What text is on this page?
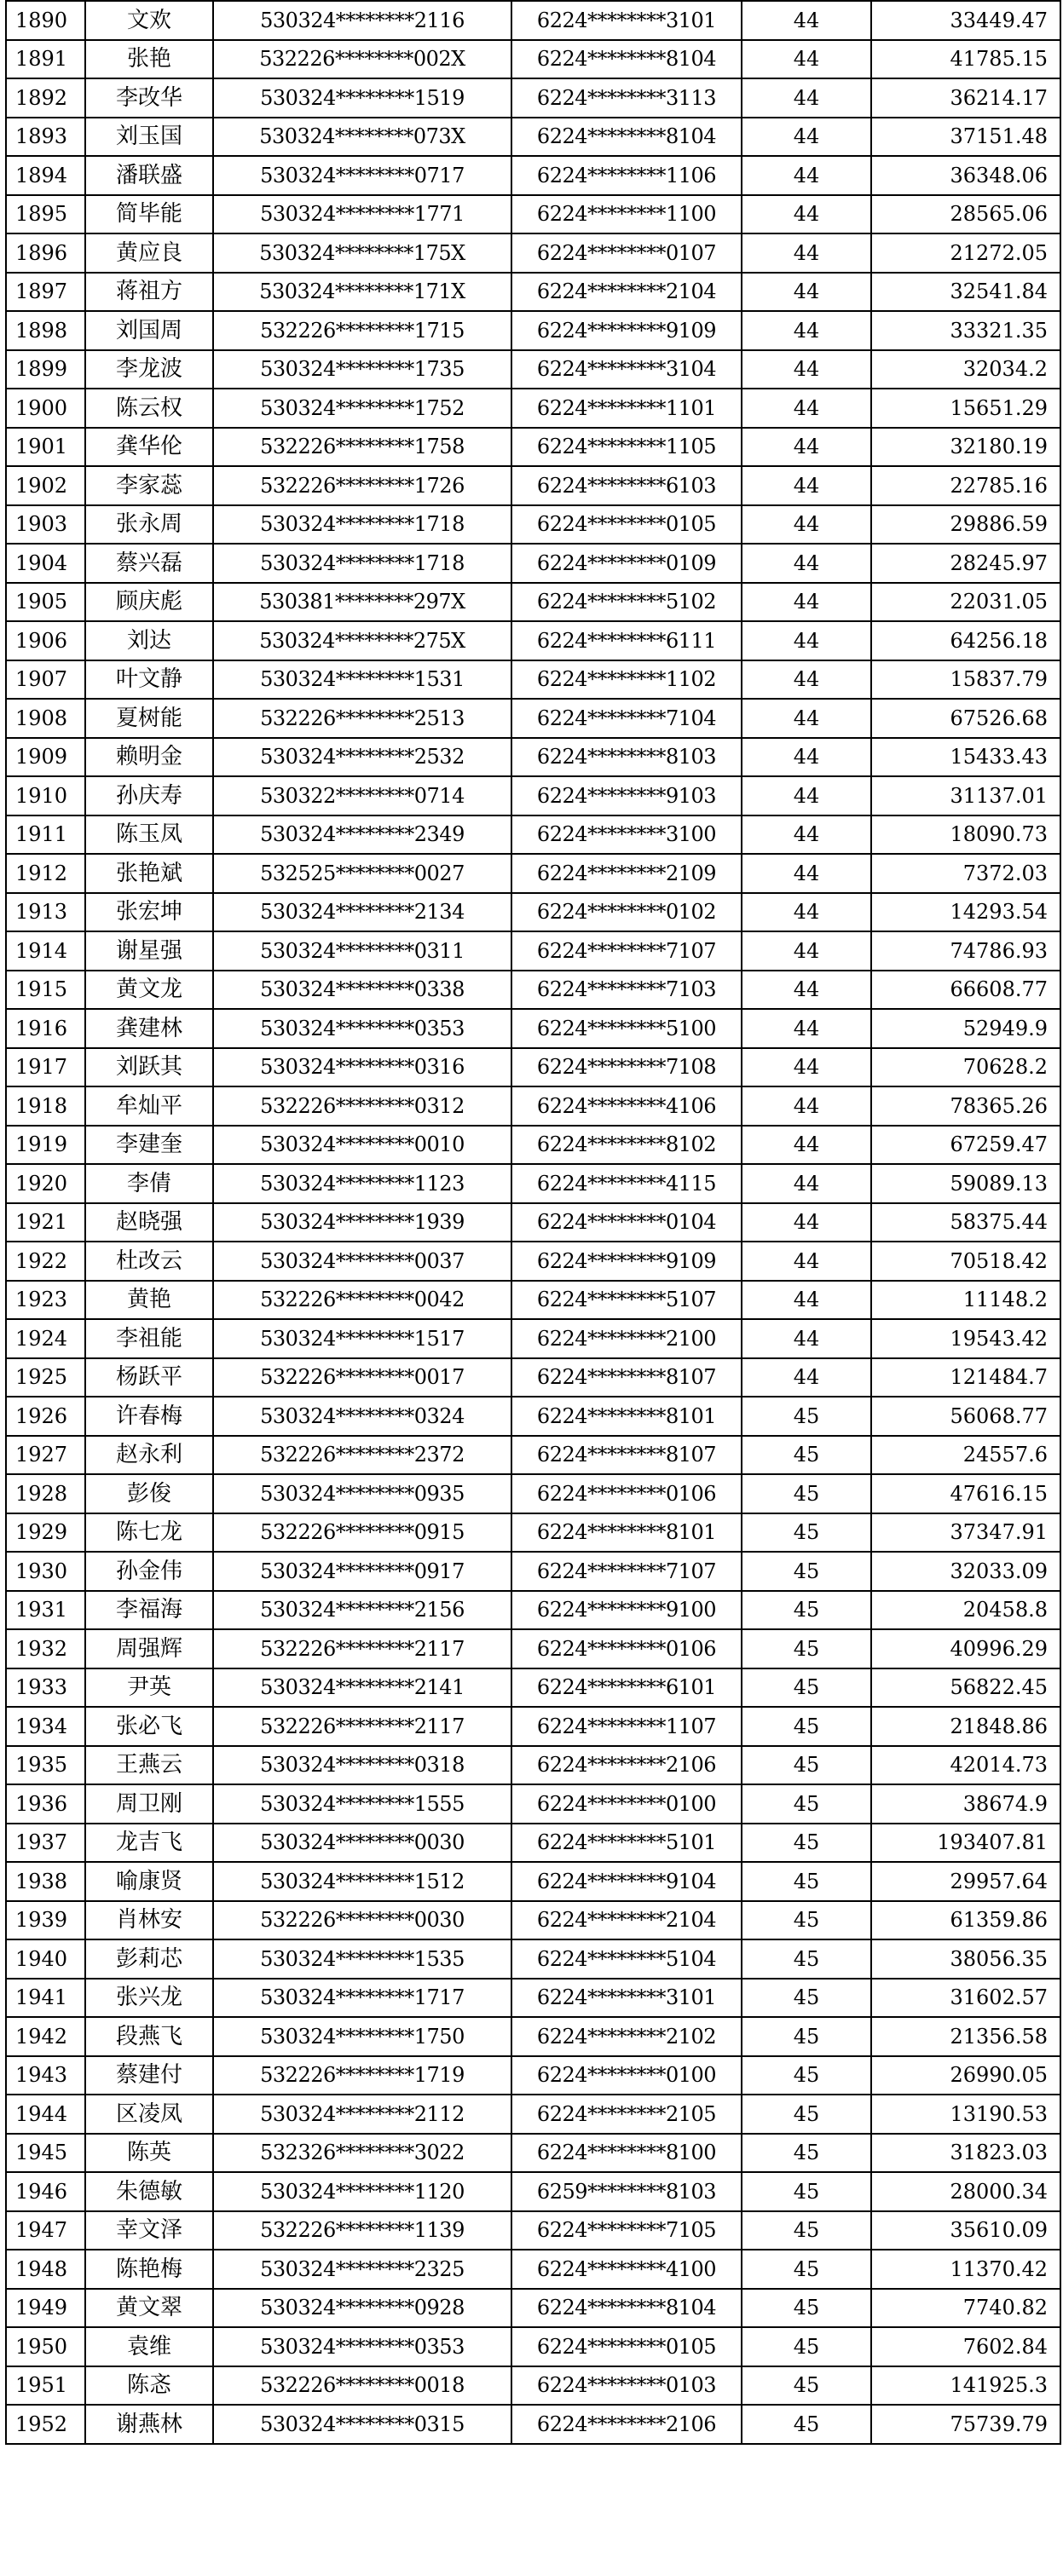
1890	文欢	530324********2116	6224********3101	44	33449.47
1891	张艳	532226********002X	6224********8104	44	41785.15
1892	李改华	530324********1519	6224********3113	44	36214.17
1893	刘玉国	530324********073X	6224********8104	44	37151.48
1894	潘联盛	530324********0717	6224********1106	44	36348.06
1895	简毕能	530324********1771	6224********1100	44	28565.06
1896	黄应良	530324********175X	6224********0107	44	21272.05
1897	蒋祖方	530324********171X	6224********2104	44	32541.84
1898	刘国周	532226********1715	6224********9109	44	33321.35
1899	李龙波	530324********1735	6224********3104	44	32034.2
1900	陈云权	530324********1752	6224********1101	44	15651.29
1901	龚华伦	532226********1758	6224********1105	44	32180.19
1902	李家蕊	532226********1726	6224********6103	44	22785.16
1903	张永周	530324********1718	6224********0105	44	29886.59
1904	蔡兴磊	530324********1718	6224********0109	44	28245.97
1905	顾庆彪	530381********297X	6224********5102	44	22031.05
1906	刘达	530324********275X	6224********6111	44	64256.18
1907	叶文静	530324********1531	6224********1102	44	15837.79
1908	夏树能	532226********2513	6224********7104	44	67526.68
1909	赖明金	530324********2532	6224********8103	44	15433.43
1910	孙庆寿	530322********0714	6224********9103	44	31137.01
1911	陈玉凤	530324********2349	6224********3100	44	18090.73
1912	张艳斌	532525********0027	6224********2109	44	7372.03
1913	张宏坤	530324********2134	6224********0102	44	14293.54
1914	谢星强	530324********0311	6224********7107	44	74786.93
1915	黄文龙	530324********0338	6224********7103	44	66608.77
1916	龚建林	530324********0353	6224********5100	44	52949.9
1917	刘跃其	530324********0316	6224********7108	44	70628.2
1918	牟灿平	532226********0312	6224********4106	44	78365.26
1919	李建奎	530324********0010	6224********8102	44	67259.47
1920	李倩	530324********1123	6224********4115	44	59089.13
1921	赵晓强	530324********1939	6224********0104	44	58375.44
1922	杜改云	530324********0037	6224********9109	44	70518.42
1923	黄艳	532226********0042	6224********5107	44	11148.2
1924	李祖能	530324********1517	6224********2100	44	19543.42
1925	杨跃平	532226********0017	6224********8107	44	121484.7
1926	许春梅	530324********0324	6224********8101	45	56068.77
1927	赵永利	532226********2372	6224********8107	45	24557.6
1928	彭俊	530324********0935	6224********0106	45	47616.15
1929	陈七龙	532226********0915	6224********8101	45	37347.91
1930	孙金伟	530324********0917	6224********7107	45	32033.09
1931	李福海	530324********2156	6224********9100	45	20458.8
1932	周强辉	532226********2117	6224********0106	45	40996.29
1933	尹英	530324********2141	6224********6101	45	56822.45
1934	张必飞	532226********2117	6224********1107	45	21848.86
1935	王燕云	530324********0318	6224********2106	45	42014.73
1936	周卫刚	530324********1555	6224********0100	45	38674.9
1937	龙吉飞	530324********0030	6224********5101	45	193407.81
1938	喻康贤	530324********1512	6224********9104	45	29957.64
1939	肖林安	532226********0030	6224********2104	45	61359.86
1940	彭莉芯	530324********1535	6224********5104	45	38056.35
1941	张兴龙	530324********1717	6224********3101	45	31602.57
1942	段燕飞	530324********1750	6224********2102	45	21356.58
1943	蔡建付	532226********1719	6224********0100	45	26990.05
1944	区凌凤	530324********2112	6224********2105	45	13190.53
1945	陈英	532326********3022	6224********8100	45	31823.03
1946	朱德敏	530324********1120	6259********8103	45	28000.34
1947	幸文泽	532226********1139	6224********7105	45	35610.09
1948	陈艳梅	530324********2325	6224********4100	45	11370.42
1949	黄文翠	530324********0928	6224********8104	45	7740.82
1950	袁维	530324********0353	6224********0105	45	7602.84
1951	陈忞	532226********0018	6224********0103	45	141925.3
1952	谢燕林	530324********0315	6224********2106	45	75739.79
